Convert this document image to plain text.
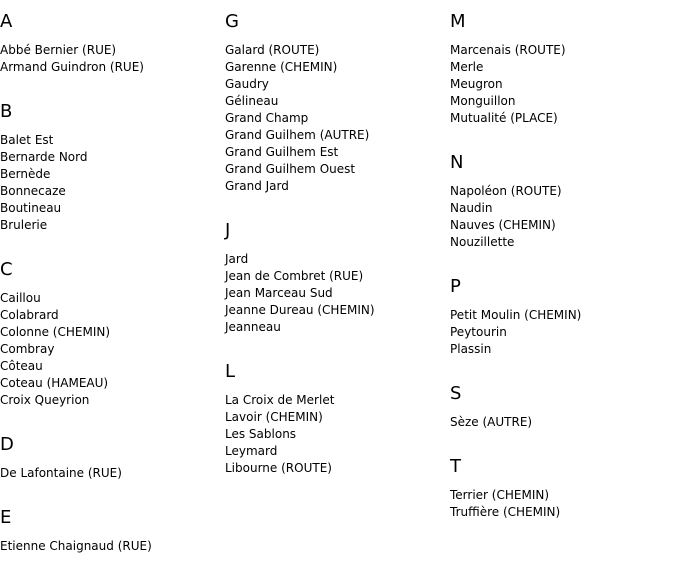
A
Abbé Bernier (RUE)
Armand Guindron (RUE)
B
Balet Est
Bernarde Nord
Bernède
Bonnecaze
Boutineau
Brulerie
C
Caillou
Colabrard
Colonne (CHEMIN)
Combray
Côteau
Coteau (HAMEAU)
Croix Queyrion
D
De Lafontaine (RUE)
E
Etienne Chaignaud (RUE)
G
Galard (ROUTE)
Garenne (CHEMIN)
Gaudry
Gélineau
Grand Champ
Grand Guilhem (AUTRE)
Grand Guilhem Est
Grand Guilhem Ouest
Grand Jard
J
Jard
Jean de Combret (RUE)
Jean Marceau Sud
Jeanne Dureau (CHEMIN)
Jeanneau
L
La Croix de Merlet
Lavoir (CHEMIN)
Les Sablons
Leymard
Libourne (ROUTE)
M
Marcenais (ROUTE)
Merle
Meugron
Monguillon
Mutualité (PLACE)
N
Napoléon (ROUTE)
Naudin
Nauves (CHEMIN)
Nouzillette
P
Petit Moulin (CHEMIN)
Peytourin
Plassin
S
Sèze (AUTRE)
T
Terrier (CHEMIN)
Truffière (CHEMIN)
